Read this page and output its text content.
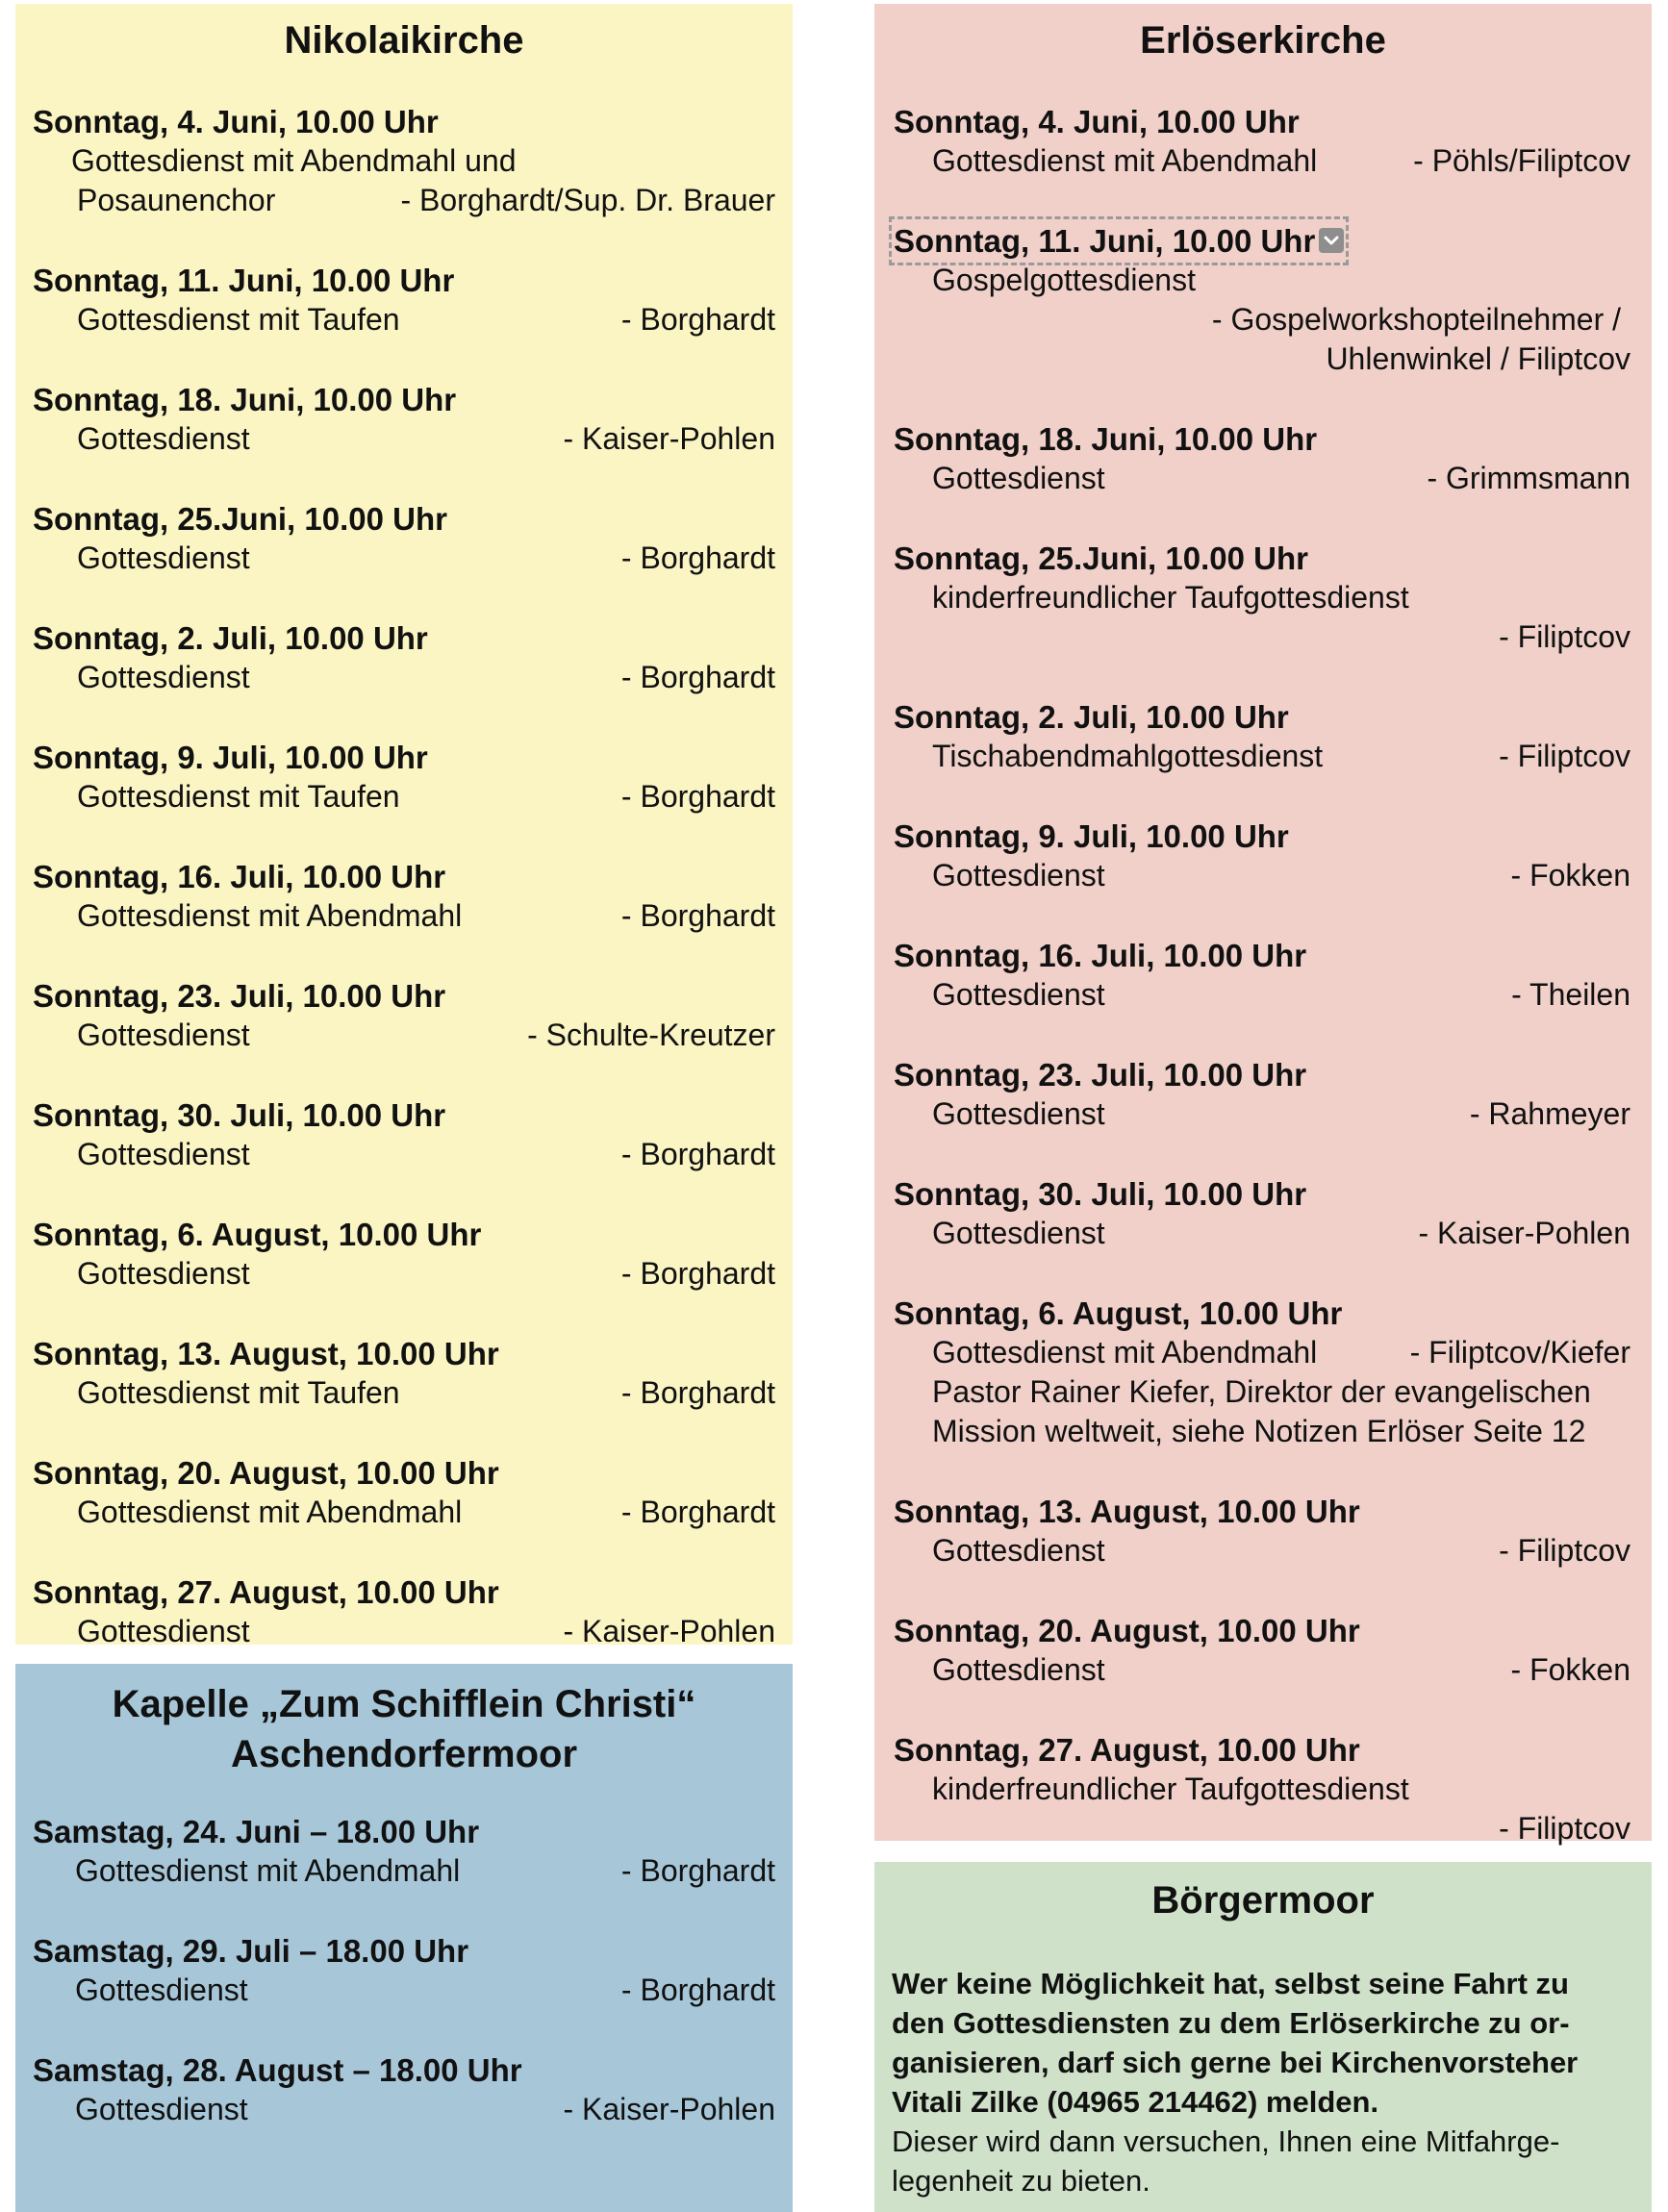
Nikolaikirche
Sonntag, 4. Juni, 10.00 Uhr
Gottesdienst mit Abendmahl und
Posaunenchor	- Borghardt/Sup. Dr. Brauer
Sonntag, 11. Juni, 10.00 Uhr
Gottesdienst mit Taufen	- Borghardt
Sonntag, 18. Juni, 10.00 Uhr
Gottesdienst	- Kaiser-Pohlen
Sonntag, 25.Juni, 10.00 Uhr
Gottesdienst	- Borghardt
Sonntag, 2. Juli, 10.00 Uhr
Gottesdienst	- Borghardt
Sonntag, 9. Juli, 10.00 Uhr
Gottesdienst mit Taufen	- Borghardt
Sonntag, 16. Juli, 10.00 Uhr
Gottesdienst mit Abendmahl	- Borghardt
Sonntag, 23. Juli, 10.00 Uhr
Gottesdienst	- Schulte-Kreutzer
Sonntag, 30. Juli, 10.00 Uhr
Gottesdienst	- Borghardt
Sonntag, 6. August, 10.00 Uhr
Gottesdienst	- Borghardt
Sonntag, 13. August, 10.00 Uhr
Gottesdienst mit Taufen	- Borghardt
Sonntag, 20. August, 10.00 Uhr
Gottesdienst mit Abendmahl	- Borghardt
Sonntag, 27. August, 10.00 Uhr
Gottesdienst	- Kaiser-Pohlen
Kapelle „Zum Schifflein Christi“
Aschendorfermoor
Samstag, 24. Juni – 18.00 Uhr
Gottesdienst mit Abendmahl	- Borghardt
Samstag, 29. Juli – 18.00 Uhr
Gottesdienst	- Borghardt
Samstag, 28. August – 18.00 Uhr
Gottesdienst	- Kaiser-Pohlen
Erlöserkirche
Sonntag, 4. Juni, 10.00 Uhr
Gottesdienst mit Abendmahl	- Pöhls/Filiptcov
Sonntag, 11. Juni, 10.00 Uhr
Gospelgottesdienst
- Gospelworkshopteilnehmer /
Uhlenwinkel / Filiptcov
Sonntag, 18. Juni, 10.00 Uhr
Gottesdienst	- Grimmsmann
Sonntag, 25.Juni, 10.00 Uhr
kinderfreundlicher Taufgottesdienst
- Filiptcov
Sonntag, 2. Juli, 10.00 Uhr
Tischabendmahlgottesdienst	- Filiptcov
Sonntag, 9. Juli, 10.00 Uhr
Gottesdienst	- Fokken
Sonntag, 16. Juli, 10.00 Uhr
Gottesdienst	- Theilen
Sonntag, 23. Juli, 10.00 Uhr
Gottesdienst	- Rahmeyer
Sonntag, 30. Juli, 10.00 Uhr
Gottesdienst	- Kaiser-Pohlen
Sonntag, 6. August, 10.00 Uhr
Gottesdienst mit Abendmahl	- Filiptcov/Kiefer
Pastor Rainer Kiefer, Direktor der evangelischen
Mission weltweit, siehe Notizen Erlöser Seite 12
Sonntag, 13. August, 10.00 Uhr
Gottesdienst	- Filiptcov
Sonntag, 20. August, 10.00 Uhr
Gottesdienst	- Fokken
Sonntag, 27. August, 10.00 Uhr
kinderfreundlicher Taufgottesdienst
- Filiptcov
Börgermoor
Wer keine Möglichkeit hat, selbst seine Fahrt zu
den Gottesdiensten zu dem Erlöserkirche zu or-
ganisieren, darf sich gerne bei Kirchenvorsteher
Vitali Zilke (04965 214462) melden.
Dieser wird dann versuchen, Ihnen eine Mitfahrge-
legenheit zu bieten.
